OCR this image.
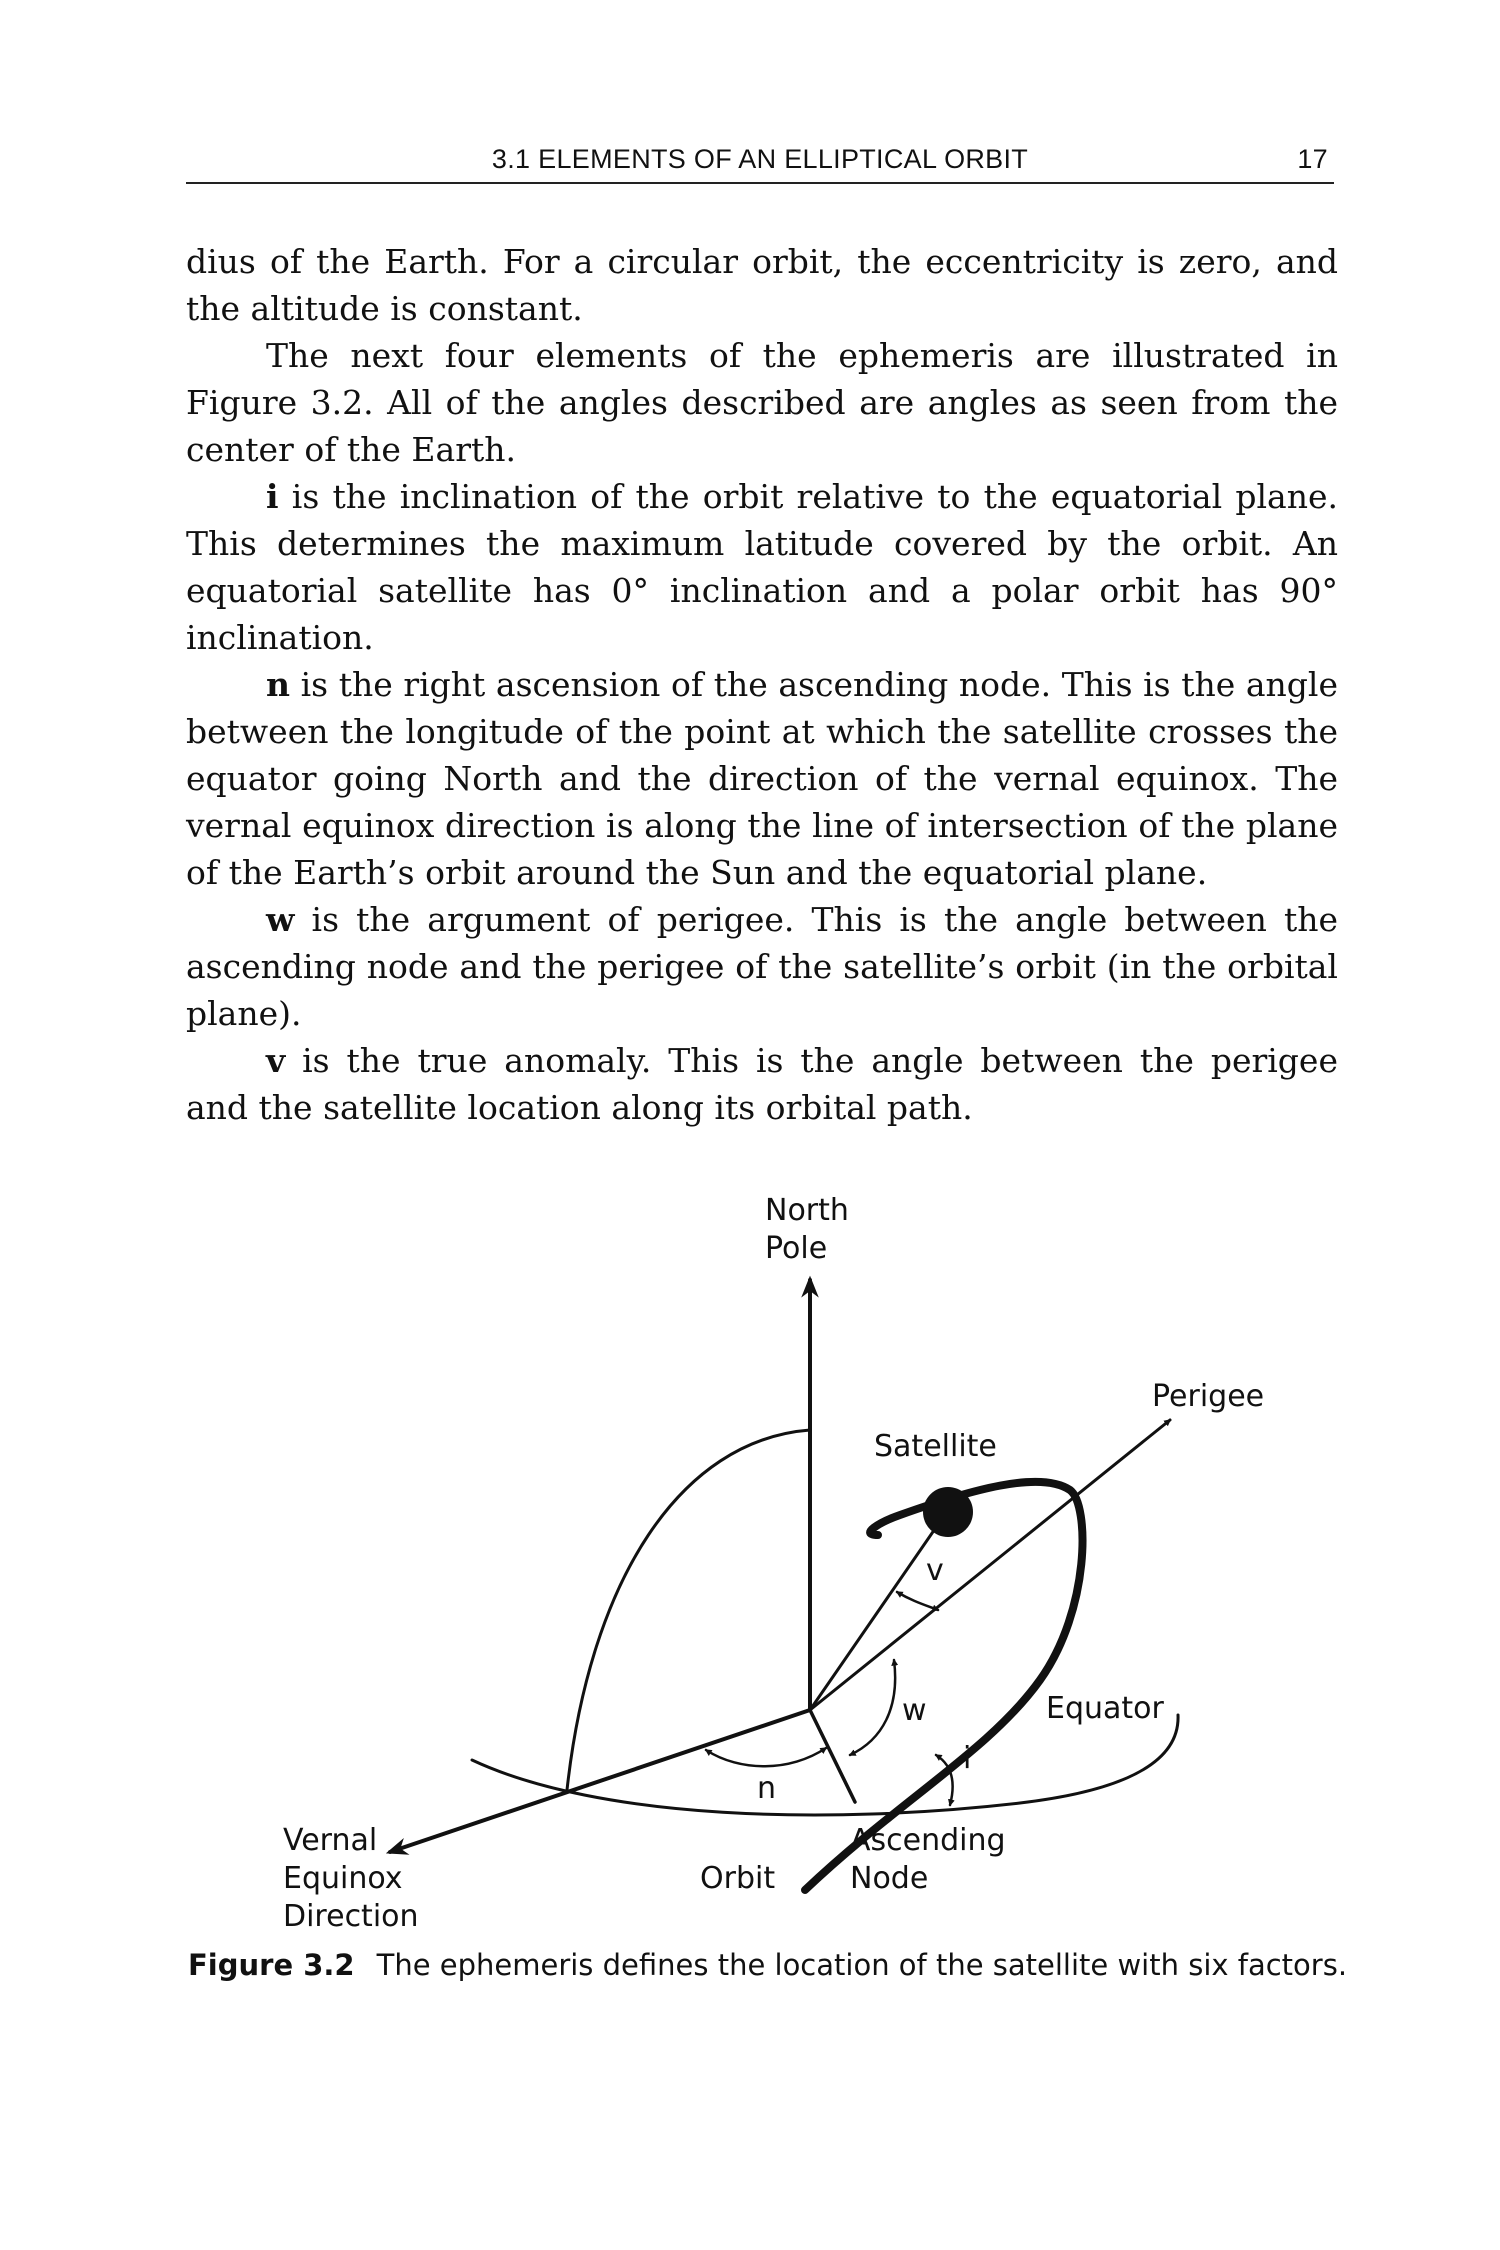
3.1 ELEMENTS OF AN ELLIPTICAL ORBIT	17

dius of the Earth. For a circular orbit, the eccentricity is zero, and the altitude is constant.

The next four elements of the ephemeris are illustrated in Figure 3.2. All of the angles described are angles as seen from the center of the Earth.

i is the inclination of the orbit relative to the equatorial plane. This determines the maximum latitude covered by the orbit. An equatorial satellite has 0° inclination and a polar orbit has 90° inclination.

n is the right ascension of the ascending node. This is the angle between the longitude of the point at which the satellite crosses the equator going North and the direction of the vernal equinox. The vernal equinox direction is along the line of intersection of the plane of the Earth’s orbit around the Sun and the equatorial plane.

w is the argument of perigee. This is the angle between the ascending node and the perigee of the satellite’s orbit (in the orbital plane).

v is the true anomaly. This is the angle between the perigee and the satellite location along its orbital path.

North
Pole
Perigee
Satellite
v
w	Equator
i
n
Vernal
Equinox
Direction
Orbit
Ascending
Node
Figure 3.2 The ephemeris defines the location of the satellite with six factors.
